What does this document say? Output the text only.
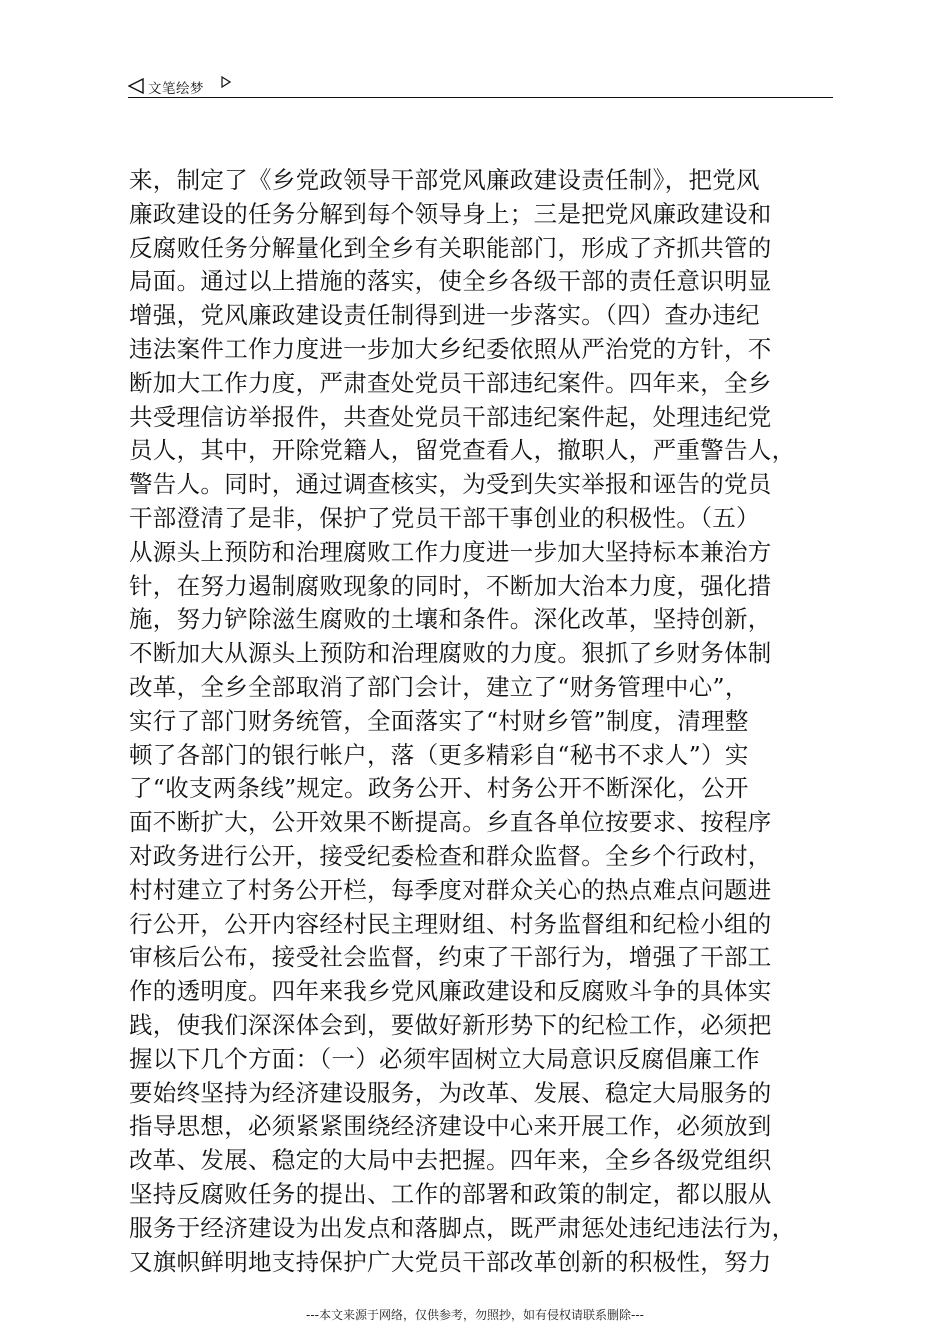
文笔绘梦
来，制定了《乡党政领导干部党风廉政建设责任制》，把党风
廉政建设的任务分解到每个领导身上；三是把党风廉政建设和
反腐败任务分解量化到全乡有关职能部门，形成了齐抓共管的
局面。通过以上措施的落实，使全乡各级干部的责任意识明显
增强，党风廉政建设责任制得到进一步落实。（四）查办违纪
违法案件工作力度进一步加大乡纪委依照从严治党的方针，不
断加大工作力度，严肃查处党员干部违纪案件。四年来，全乡
共受理信访举报件，共查处党员干部违纪案件起，处理违纪党
员人，其中，开除党籍人，留党查看人，撤职人，严重警告人，
警告人。同时，通过调查核实，为受到失实举报和诬告的党员
干部澄清了是非，保护了党员干部干事创业的积极性。（五）
从源头上预防和治理腐败工作力度进一步加大坚持标本兼治方
针，在努力遏制腐败现象的同时，不断加大治本力度，强化措
施，努力铲除滋生腐败的土壤和条件。深化改革，坚持创新，
不断加大从源头上预防和治理腐败的力度。狠抓了乡财务体制
改革，全乡全部取消了部门会计，建立了“财务管理中心”，
实行了部门财务统管，全面落实了“村财乡管”制度，清理整
顿了各部门的银行帐户，落（更多精彩自“秘书不求人”）实
了“收支两条线”规定。政务公开、村务公开不断深化，公开
面不断扩大，公开效果不断提高。乡直各单位按要求、按程序
对政务进行公开，接受纪委检查和群众监督。全乡个行政村，
村村建立了村务公开栏，每季度对群众关心的热点难点问题进
行公开，公开内容经村民主理财组、村务监督组和纪检小组的
审核后公布，接受社会监督，约束了干部行为，增强了干部工
作的透明度。四年来我乡党风廉政建设和反腐败斗争的具体实
践，使我们深深体会到，要做好新形势下的纪检工作，必须把
握以下几个方面：（一）必须牢固树立大局意识反腐倡廉工作
要始终坚持为经济建设服务，为改革、发展、稳定大局服务的
指导思想，必须紧紧围绕经济建设中心来开展工作，必须放到
改革、发展、稳定的大局中去把握。四年来，全乡各级党组织
坚持反腐败任务的提出、工作的部署和政策的制定，都以服从
服务于经济建设为出发点和落脚点，既严肃惩处违纪违法行为，
又旗帜鲜明地支持保护广大党员干部改革创新的积极性，努力
---本文来源于网络，仅供参考，勿照抄，如有侵权请联系删除---
